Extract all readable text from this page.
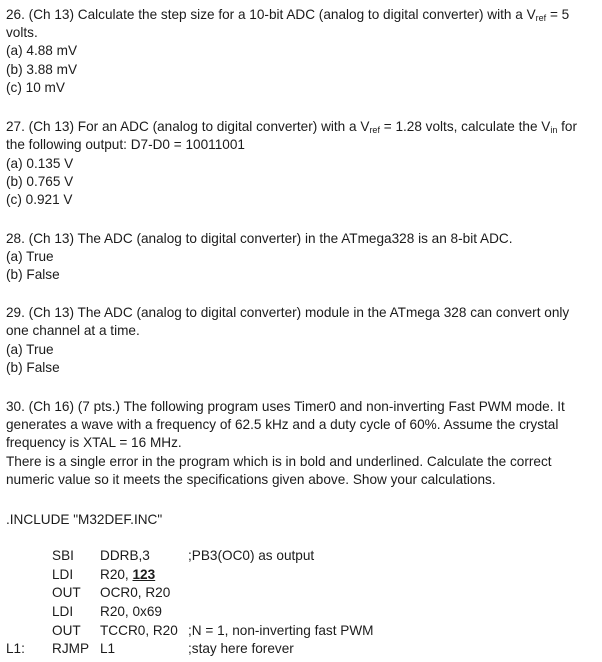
26. (Ch 13) Calculate the step size for a 10-bit ADC (analog to digital converter) with a $V_{ref} = 5$
volts.
(a) 4.88 mV
(b) 3.88 mV
(c) 10 mV
27. (Ch 13) For an ADC (analog to digital converter) with a $V_{ref} = 1.28$ volts, calculate the $V_{in}$ for
the following output: D7-D0 = 10011001
(a) 0.135 V
(b) 0.765 V
(c) 0.921 V
28. (Ch 13) The ADC (analog to digital converter) in the ATmega328 is an 8-bit ADC.
(a) True
(b) False
29. (Ch 13) The ADC (analog to digital converter) module in the ATmega 328 can convert only
one channel at a time.
(a) True
(b) False
30. (Ch 16) (7 pts.) The following program uses Timer0 and non-inverting Fast PWM mode. It
generates a wave with a frequency of 62.5 kHz and a duty cycle of 60%. Assume the crystal
frequency is XTAL = 16 MHz.
There is a single error in the program which is in bold and underlined. Calculate the correct
numeric value so it meets the specifications given above. Show your calculations.
.INCLUDE "M32DEF.INC"
SBI DDRB,3	;PB3(OC0) as output
LDI R20, 123
OUT OCR0, R20
LDI R20, 0x69
OUT TCCR0, R20 ;N = 1, non-inverting fast PWM
L1: RJMP L1	;stay here forever
